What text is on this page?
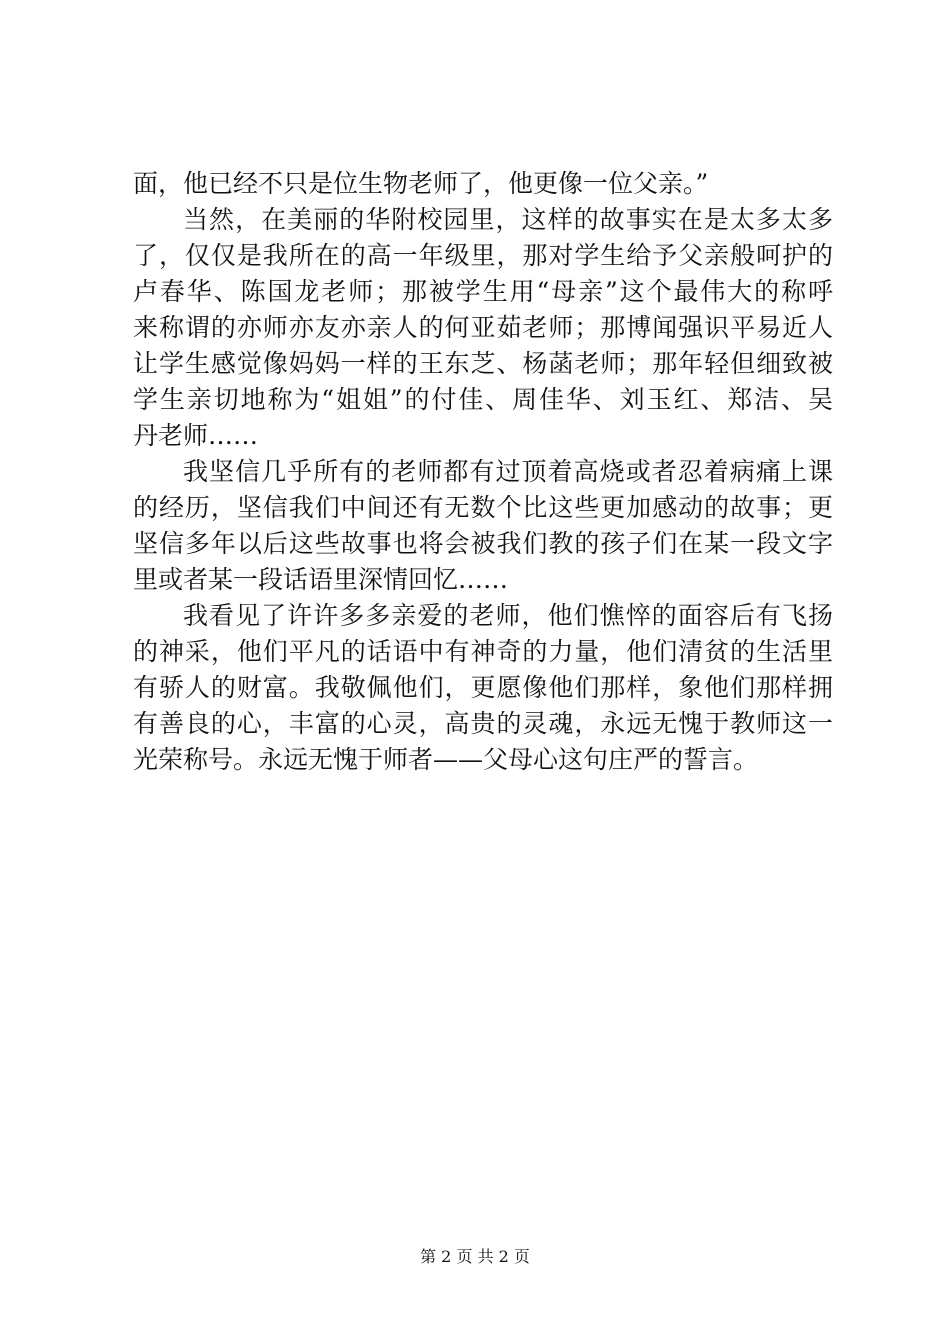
面，他已经不只是位生物老师了，他更像一位父亲。”

当然，在美丽的华附校园里，这样的故事实在是太多太多

了，仅仅是我所在的高一年级里，那对学生给予父亲般呵护的

卢春华、陈国龙老师；那被学生用“母亲”这个最伟大的称呼

来称谓的亦师亦友亦亲人的何亚茹老师；那博闻强识平易近人

让学生感觉像妈妈一样的王东芝、杨菡老师；那年轻但细致被

学生亲切地称为“姐姐”的付佳、周佳华、刘玉红、郑洁、吴

丹老师……

我坚信几乎所有的老师都有过顶着高烧或者忍着病痛上课

的经历，坚信我们中间还有无数个比这些更加感动的故事；更

坚信多年以后这些故事也将会被我们教的孩子们在某一段文字

里或者某一段话语里深情回忆……

我看见了许许多多亲爱的老师，他们憔悴的面容后有飞扬

的神采，他们平凡的话语中有神奇的力量，他们清贫的生活里

有骄人的财富。我敬佩他们，更愿像他们那样，象他们那样拥

有善良的心，丰富的心灵，高贵的灵魂，永远无愧于教师这一

光荣称号。永远无愧于师者——父母心这句庄严的誓言。

第 2 页 共 2 页
